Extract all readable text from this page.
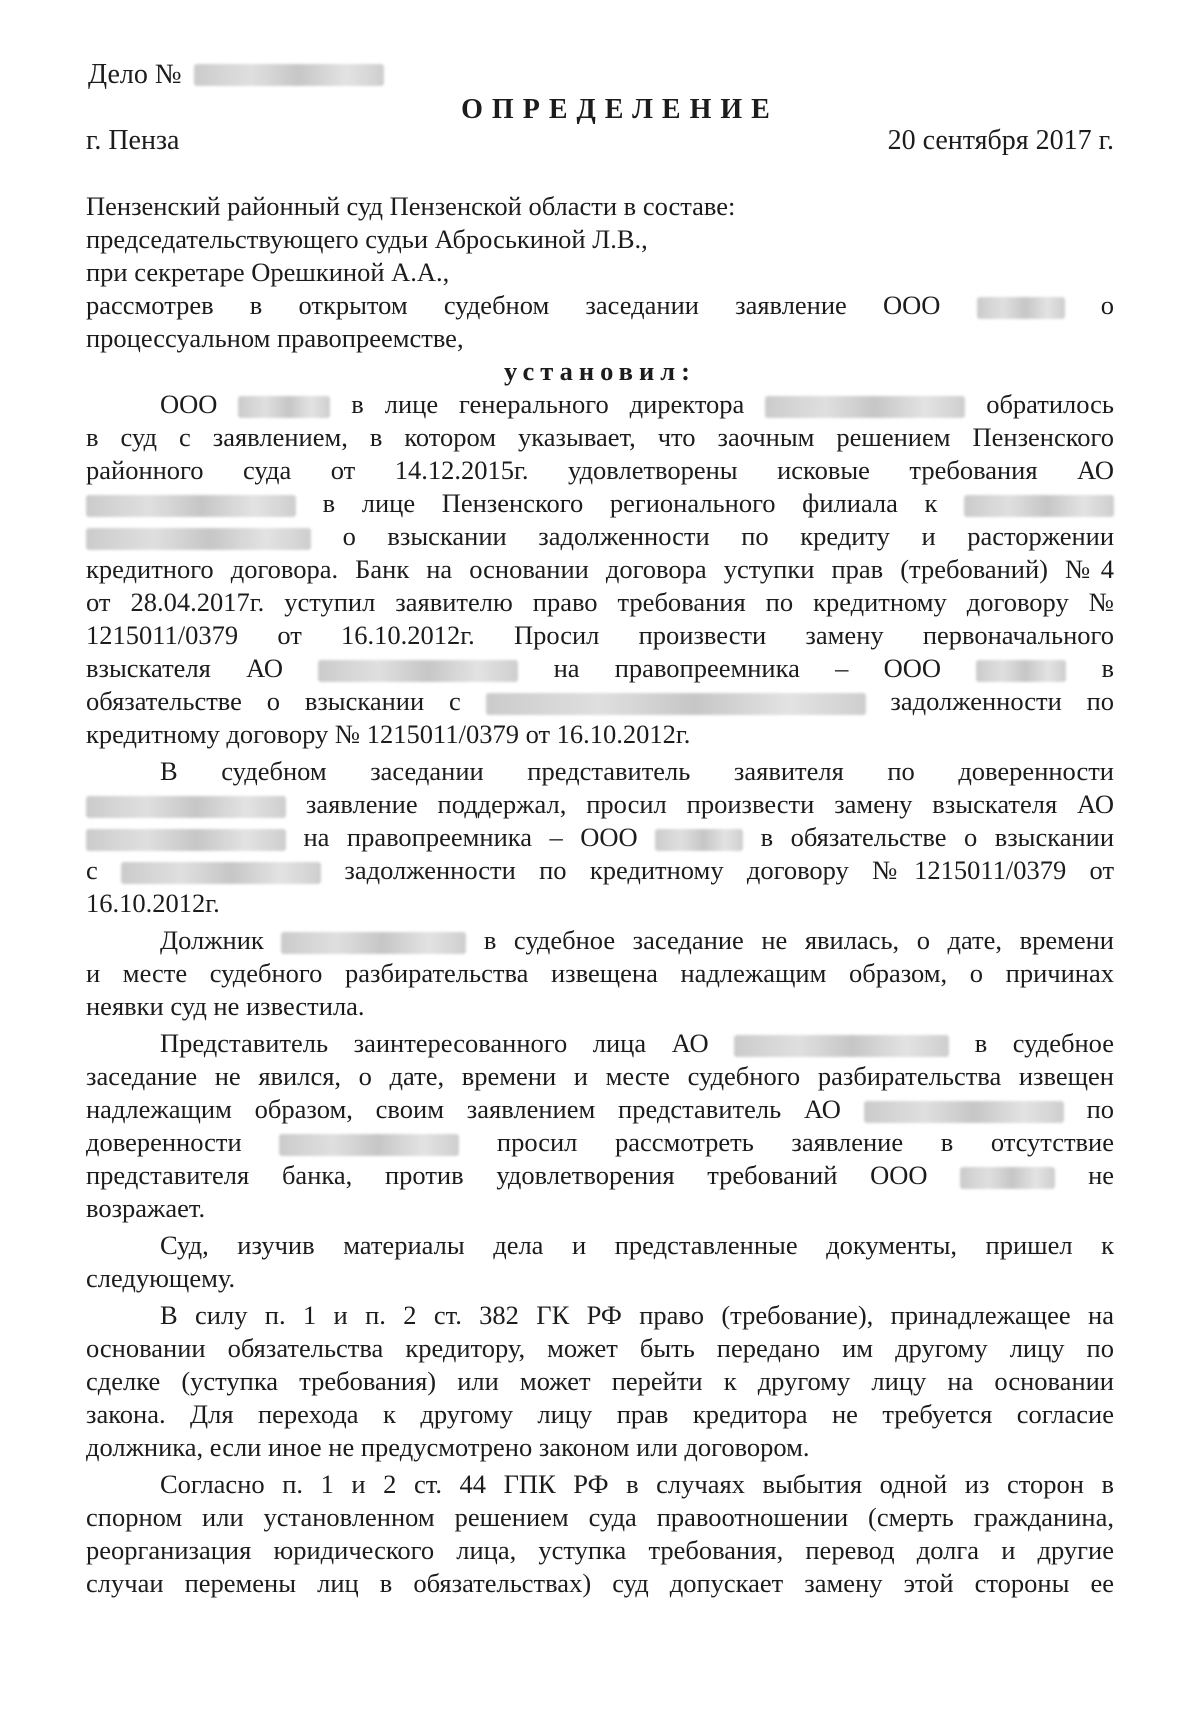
Дело №
ОПРЕДЕЛЕНИЕ
г. Пенза	20 сентября 2017 г.
Пензенский районный суд Пензенской области в составе:
председательствующего судьи Аброськиной Л.В.,
при секретаре Орешкиной А.А.,
рассмотрев в открытом судебном заседании заявление ООО	о
процессуальном правопреемстве,
установил:
ООО	в лице генерального директора	обратилось
в суд с заявлением, в котором указывает, что заочным решением Пензенского
районного суда от 14.12.2015г. удовлетворены исковые требования АО
в лице Пензенского регионального филиала к
о взыскании задолженности по кредиту и расторжении
кредитного договора. Банк на основании договора уступки прав (требований) №4
от 28.04.2017г. уступил заявителю право требования по кредитному договору №
1215011/0379 от 16.10.2012г. Просил произвести замену первоначального
взыскателя АО	на правопреемника – ООО	в
обязательстве о взыскании с	задолженности по
кредитному договору № 1215011/0379 от 16.10.2012г.
В судебном заседании представитель заявителя по доверенности
заявление поддержал, просил произвести замену взыскателя АО
на правопреемника – ООО	в обязательстве о взыскании
с	задолженности по кредитному договору №1215011/0379 от
16.10.2012г.
Должник	в судебное заседание не явилась, о дате, времени
и месте судебного разбирательства извещена надлежащим образом, о причинах
неявки суд не известила.
Представитель заинтересованного лица АО	в судебное
заседание не явился, о дате, времени и месте судебного разбирательства извещен
надлежащим образом, своим заявлением представитель АО	по
доверенности	просил рассмотреть заявление в отсутствие
представителя банка, против удовлетворения требований ООО	не
возражает.
Суд, изучив материалы дела и представленные документы, пришел к
следующему.
В силу п. 1 и п. 2 ст. 382 ГК РФ право (требование), принадлежащее на
основании обязательства кредитору, может быть передано им другому лицу по
сделке (уступка требования) или может перейти к другому лицу на основании
закона. Для перехода к другому лицу прав кредитора не требуется согласие
должника, если иное не предусмотрено законом или договором.
Согласно п. 1 и 2 ст. 44 ГПК РФ в случаях выбытия одной из сторон в
спорном или установленном решением суда правоотношении (смерть гражданина,
реорганизация юридического лица, уступка требования, перевод долга и другие
случаи перемены лиц в обязательствах) суд допускает замену этой стороны ее
